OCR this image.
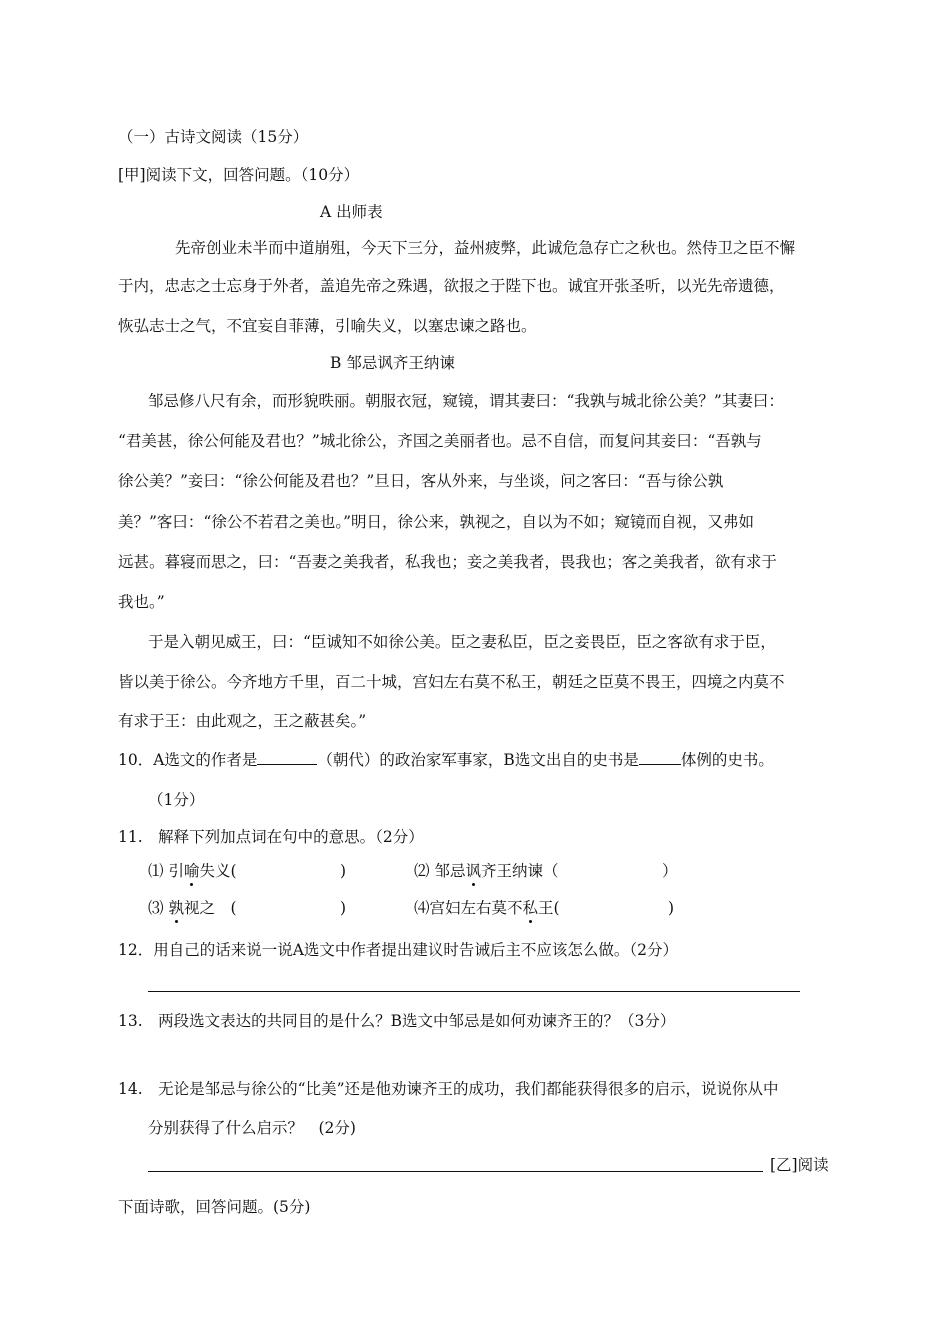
（一）古诗文阅读（15分）
[甲]阅读下文，回答问题。（10分）
A 出师表
先帝创业未半而中道崩殂，今天下三分，益州疲弊，此诚危急存亡之秋也。然侍卫之臣不懈
于内，忠志之士忘身于外者，盖追先帝之殊遇，欲报之于陛下也。诚宜开张圣听，以光先帝遗德，
恢弘志士之气，不宜妄自菲薄，引喻失义，以塞忠谏之路也。
B 邹忌讽齐王纳谏
邹忌修八尺有余，而形貌昳丽。朝服衣冠，窥镜，谓其妻曰：“我孰与城北徐公美？”其妻曰：
“君美甚，徐公何能及君也？”城北徐公，齐国之美丽者也。忌不自信，而复问其妾曰：“吾孰与
徐公美？”妾曰：“徐公何能及君也？”旦日，客从外来，与坐谈，问之客曰：“吾与徐公孰
美？”客曰：“徐公不若君之美也。”明日，徐公来，孰视之，自以为不如；窥镜而自视，又弗如
远甚。暮寝而思之，曰：“吾妻之美我者，私我也；妾之美我者，畏我也；客之美我者，欲有求于
我也。”
于是入朝见威王，曰：“臣诚知不如徐公美。臣之妻私臣，臣之妾畏臣，臣之客欲有求于臣，
皆以美于徐公。今齐地方千里，百二十城，宫妇左右莫不私王，朝廷之臣莫不畏王，四境之内莫不
有求于王：由此观之，王之蔽甚矣。”
10．A选文的作者是	（朝代）的政治家军事家，B选文出自的史书是	体例的史书。
（1分）
11.　解释下列加点词在句中的意思。（2分）
⑴ 引喻失义(	)	⑵ 邹忌讽齐王纳谏（	）
⑶ 孰视之　(	)	⑷宫妇左右莫不私王(	)
12．用自己的话来说一说A选文中作者提出建议时告诫后主不应该怎么做。（2分）
13.　两段选文表达的共同目的是什么？B选文中邹忌是如何劝谏齐王的？（3分）
14.　无论是邹忌与徐公的“比美”还是他劝谏齐王的成功，我们都能获得很多的启示，说说你从中
分别获得了什么启示？　(2分)
[乙]阅读
下面诗歌，回答问题。(5分)
